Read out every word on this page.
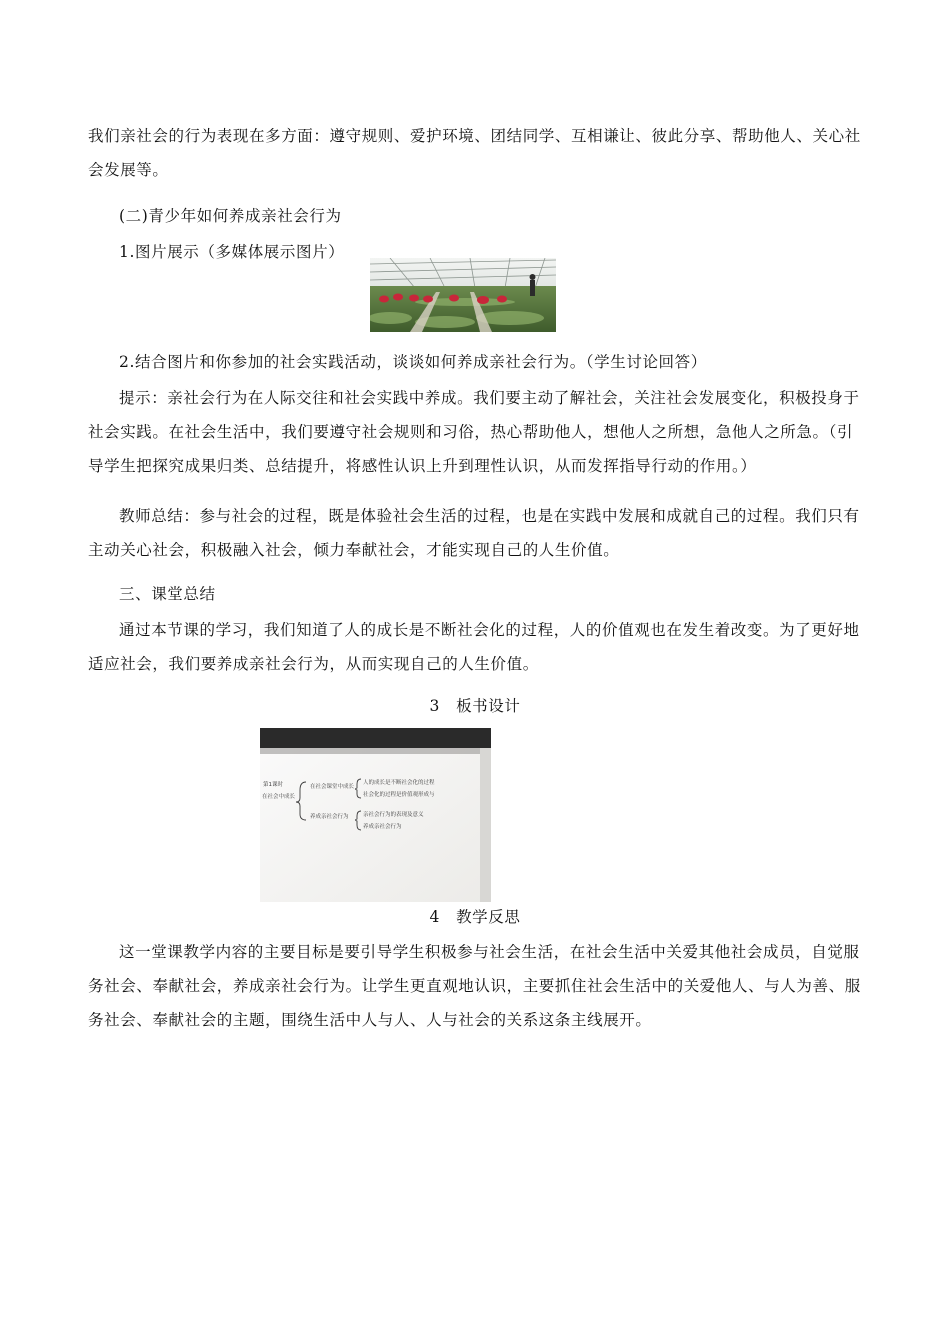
我们亲社会的行为表现在多方面：遵守规则、爱护环境、团结同学、互相谦让、彼此分享、帮助他人、关心社会发展等。

(二)青少年如何养成亲社会行为

1.图片展示（多媒体展示图片）

2.结合图片和你参加的社会实践活动，谈谈如何养成亲社会行为。（学生讨论回答）

提示：亲社会行为在人际交往和社会实践中养成。我们要主动了解社会，关注社会发展变化，积极投身于社会实践。在社会生活中，我们要遵守社会规则和习俗，热心帮助他人，想他人之所想，急他人之所急。（引导学生把探究成果归类、总结提升，将感性认识上升到理性认识，从而发挥指导行动的作用。）

教师总结：参与社会的过程，既是体验社会生活的过程，也是在实践中发展和成就自己的过程。我们只有主动关心社会，积极融入社会，倾力奉献社会，才能实现自己的人生价值。

三、课堂总结

通过本节课的学习，我们知道了人的成长是不断社会化的过程，人的价值观也在发生着改变。为了更好地适应社会，我们要养成亲社会行为，从而实现自己的人生价值。

3　板书设计
第1课时
在社会中成长
在社会课堂中成长
养成亲社会行为
人的成长是不断社会化的过程
社会化的过程是价值观形成与
亲社会行为的表现及意义
养成亲社会行为
4　教学反思

这一堂课教学内容的主要目标是要引导学生积极参与社会生活，在社会生活中关爱其他社会成员，自觉服务社会、奉献社会，养成亲社会行为。让学生更直观地认识，主要抓住社会生活中的关爱他人、与人为善、服务社会、奉献社会的主题，围绕生活中人与人、人与社会的关系这条主线展开。
